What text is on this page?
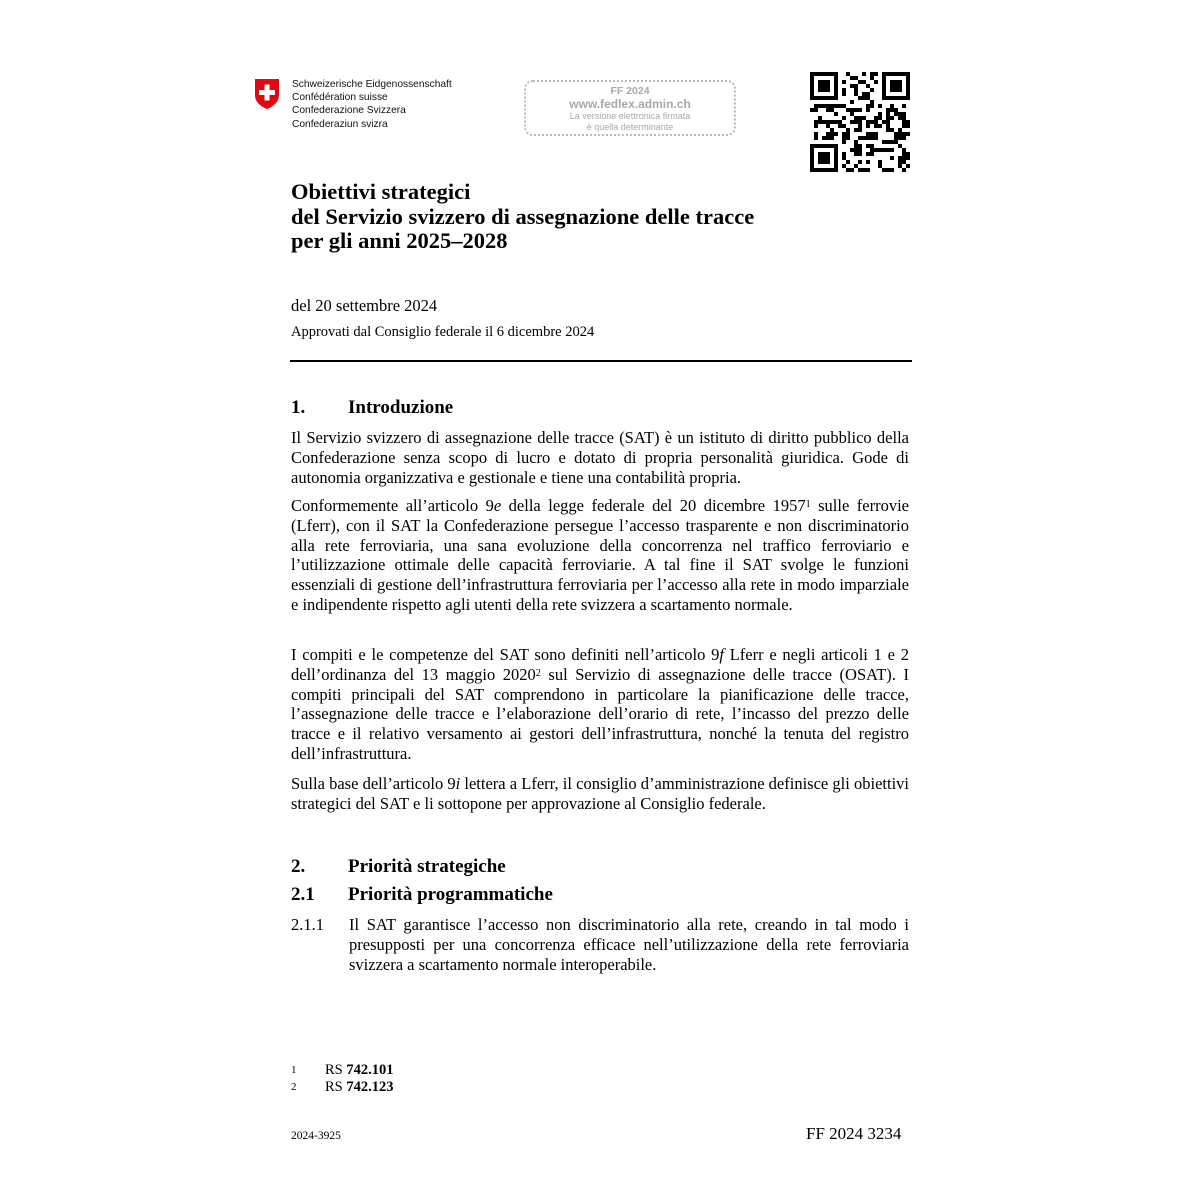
Schweizerische Eidgenossenschaft
Confédération suisse
Confederazione Svizzera
Confederaziun svizra
FF 2024
www.fedlex.admin.ch
La versione elettronica firmata
è quella determinante
Obiettivi strategici
del Servizio svizzero di assegnazione delle tracce
per gli anni 2025–2028
del 20 settembre 2024
Approvati dal Consiglio federale il 6 dicembre 2024
1. Introduzione
Il Servizio svizzero di assegnazione delle tracce (SAT) è un istituto di diritto pubblico della Confederazione senza scopo di lucro e dotato di propria personalità giuridica. Gode di autonomia organizzativa e gestionale e tiene una contabilità propria.
Conformemente all’articolo 9e della legge federale del 20 dicembre 1957$^1$ sulle ferrovie (Lferr), con il SAT la Confederazione persegue l’accesso trasparente e non discriminatorio alla rete ferroviaria, una sana evoluzione della concorrenza nel traffico ferroviario e l’utilizzazione ottimale delle capacità ferroviarie. A tal fine il SAT svolge le funzioni essenziali di gestione dell’infrastruttura ferroviaria per l’accesso alla rete in modo imparziale e indipendente rispetto agli utenti della rete svizzera a scartamento normale.
I compiti e le competenze del SAT sono definiti nell’articolo 9f Lferr e negli articoli 1 e 2 dell’ordinanza del 13 maggio 2020$^2$ sul Servizio di assegnazione delle tracce (OSAT). I compiti principali del SAT comprendono in particolare la pianificazione delle tracce, l’assegnazione delle tracce e l’elaborazione dell’orario di rete, l’incasso del prezzo delle tracce e il relativo versamento ai gestori dell’infrastruttura, nonché la tenuta del registro dell’infrastruttura.
Sulla base dell’articolo 9i lettera a Lferr, il consiglio d’amministrazione definisce gli obiettivi strategici del SAT e li sottopone per approvazione al Consiglio federale.
2. Priorità strategiche
2.1 Priorità programmatiche
2.1.1 Il SAT garantisce l’accesso non discriminatorio alla rete, creando in tal modo i presupposti per una concorrenza efficace nell’utilizzazione della rete ferroviaria svizzera a scartamento normale interoperabile.
1 RS 742.101
2 RS 742.123
2024-3925	FF 2024 3234
